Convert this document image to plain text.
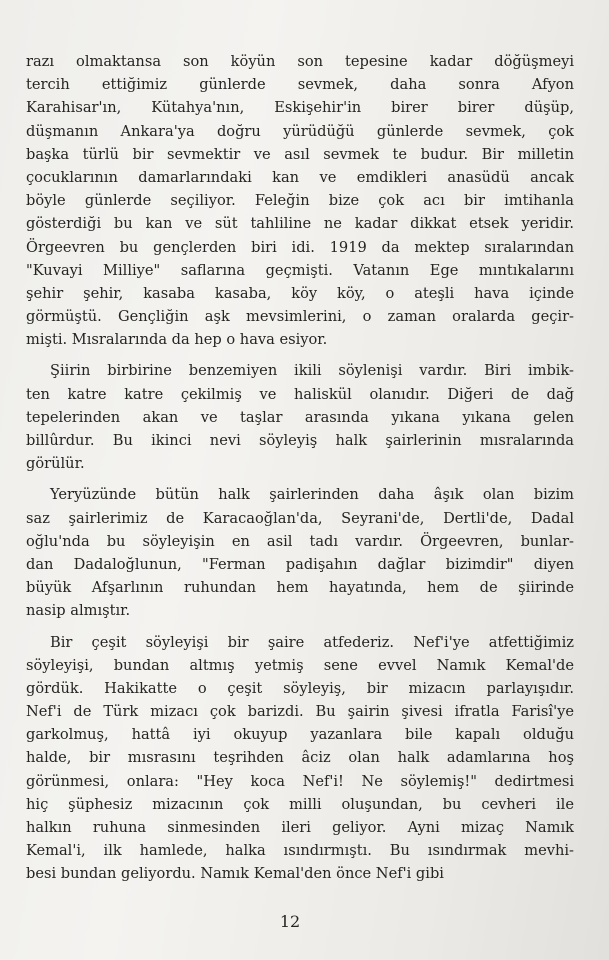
razı olmaktansa son köyün son tepesine kadar döğüşmeyi
tercih ettiğimiz günlerde sevmek, daha sonra Afyon
Karahisar'ın, Kütahya'nın, Eskişehir'in birer birer düşüp,
düşmanın Ankara'ya doğru yürüdüğü günlerde sevmek, çok
başka türlü bir sevmektir ve asıl sevmek te budur. Bir milletin
çocuklarının damarlarındaki kan ve emdikleri anasüdü ancak
böyle günlerde seçiliyor. Feleğin bize çok acı bir imtihanla
gösterdiği bu kan ve süt tahliline ne kadar dikkat etsek yeridir.
Örgeevren bu gençlerden biri idi. 1919 da mektep sıralarından
"Kuvayi Milliye" saflarına geçmişti. Vatanın Ege mıntıkalarını
şehir şehir, kasaba kasaba, köy köy, o ateşli hava içinde
görmüştü. Gençliğin aşk mevsimlerini, o zaman oralarda geçir-
mişti. Mısralarında da hep o hava esiyor.
Şiirin birbirine benzemiyen ikili söylenişi vardır. Biri imbik-
ten katre katre çekilmiş ve haliskül olanıdır. Diğeri de dağ
tepelerinden akan ve taşlar arasında yıkana yıkana gelen
billûrdur. Bu ikinci nevi söyleyiş halk şairlerinin mısralarında
görülür.
Yeryüzünde bütün halk şairlerinden daha âşık olan bizim
saz şairlerimiz de Karacaoğlan'da, Seyrani'de, Dertli'de, Dadal
oğlu'nda bu söyleyişin en asil tadı vardır. Örgeevren, bunlar-
dan Dadaloğlunun, "Ferman padişahın dağlar bizimdir" diyen
büyük Afşarlının ruhundan hem hayatında, hem de şiirinde
nasip almıştır.
Bir çeşit söyleyişi bir şaire atfederiz. Nef'i'ye atfettiğimiz
söyleyişi, bundan altmış yetmiş sene evvel Namık Kemal'de
gördük. Hakikatte o çeşit söyleyiş, bir mizacın parlayışıdır.
Nef'i de Türk mizacı çok barizdi. Bu şairin şivesi ifratla Farisî'ye
garkolmuş, hattâ iyi okuyup yazanlara bile kapalı olduğu
halde, bir mısrasını teşrihden âciz olan halk adamlarına hoş
görünmesi, onlara: "Hey koca Nef'i! Ne söylemiş!" dedirtmesi
hiç şüphesiz mizacının çok milli oluşundan, bu cevheri ile
halkın ruhuna sinmesinden ileri geliyor. Ayni mizaç Namık
Kemal'i, ilk hamlede, halka ısındırmıştı. Bu ısındırmak mevhi-
besi bundan geliyordu. Namık Kemal'den önce Nef'i gibi
12
